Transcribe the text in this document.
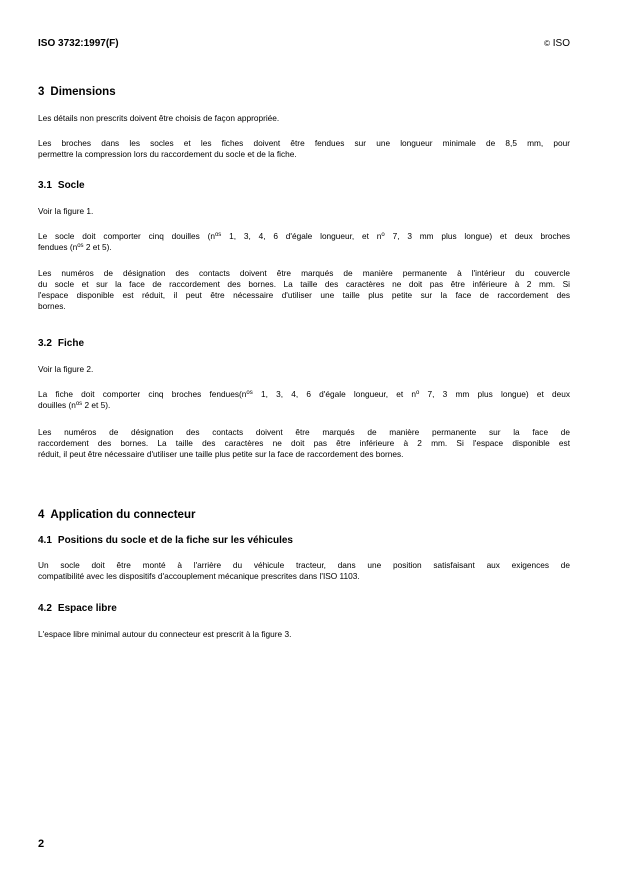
ISO 3732:1997(F)	© ISO
3 Dimensions

Les détails non prescrits doivent être choisis de façon appropriée.

Les broches dans les socles et les fiches doivent être fendues sur une longueur minimale de 8,5 mm, pour
permettre la compression lors du raccordement du socle et de la fiche.

3.1 Socle

Voir la figure 1.

Le socle doit comporter cinq douilles ($n^{os}$ 1, 3, 4, 6 d'égale longueur, et $n^o$ 7, 3 mm plus longue) et deux broches
fendues ($n^{os}$ 2 et 5).

Les numéros de désignation des contacts doivent être marqués de manière permanente à l'intérieur du couvercle
du socle et sur la face de raccordement des bornes. La taille des caractères ne doit pas être inférieure à 2 mm. Si
l'espace disponible est réduit, il peut être nécessaire d'utiliser une taille plus petite sur la face de raccordement des
bornes.

3.2 Fiche

Voir la figure 2.

La fiche doit comporter cinq broches $fendues(n^{os}$ 1, 3, 4, 6 d'égale longueur, et $n^o$ 7, 3 mm plus longue) et deux
douilles ($n^{os}$ 2 et 5).

Les numéros de désignation des contacts doivent être marqués de manière permanente sur la face de
raccordement des bornes. La taille des caractères ne doit pas être inférieure à 2 mm. Si l'espace disponible est
réduit, il peut être nécessaire d'utiliser une taille plus petite sur la face de raccordement des bornes.

4 Application du connecteur
4.1 Positions du socle et de la fiche sur les véhicules

Un socle doit être monté à l'arrière du véhicule tracteur, dans une position satisfaisant aux exigences de
compatibilité avec les dispositifs d'accouplement mécanique prescrites dans l'ISO 1103.

4.2 Espace libre

L'espace libre minimal autour du connecteur est prescrit à la figure 3.

2
